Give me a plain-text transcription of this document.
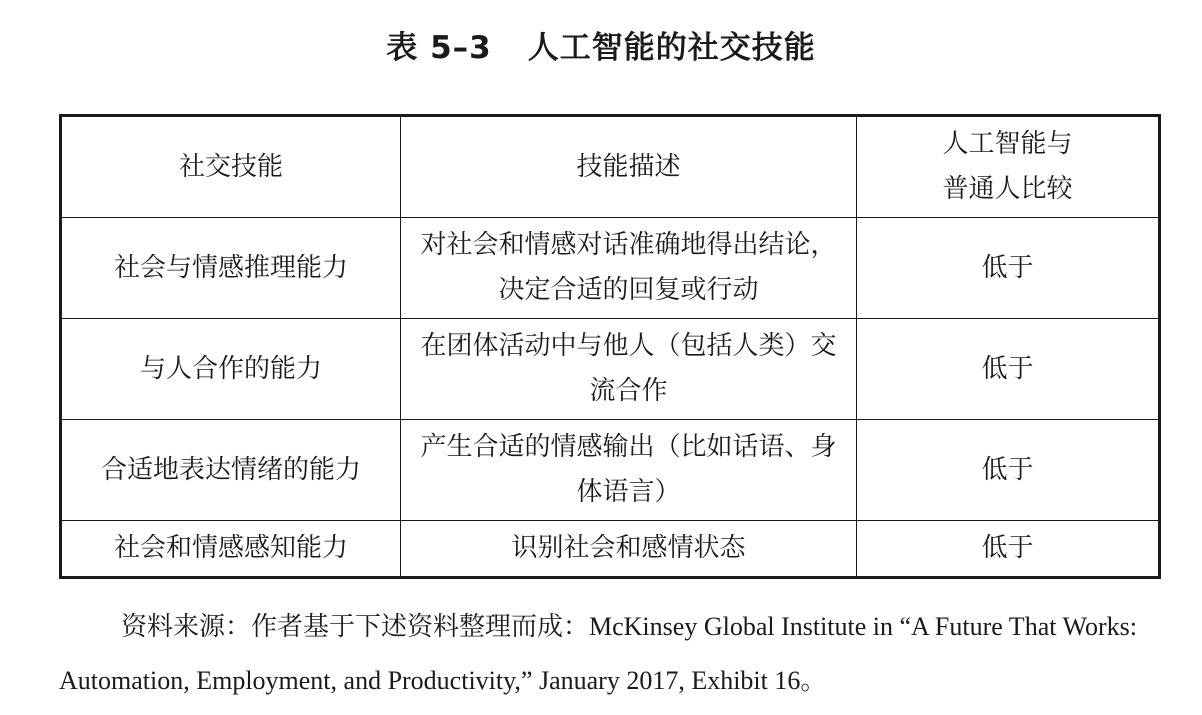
表 5–3 人工智能的社交技能
社交技能	技能描述	人工智能与
普通人比较

社会与情感推理能力	对社会和情感对话准确地得出结论，决定合适的回复或行动	低于
与人合作的能力	在团体活动中与他人（包括人类）交流合作	低于
合适地表达情绪的能力	产生合适的情感输出（比如话语、身体语言）	低于
社会和情感感知能力	识别社会和感情状态	低于
资料来源：作者基于下述资料整理而成：McKinsey Global Institute in “A Future That Works: Automation, Employment, and Productivity,” January 2017, Exhibit 16。
